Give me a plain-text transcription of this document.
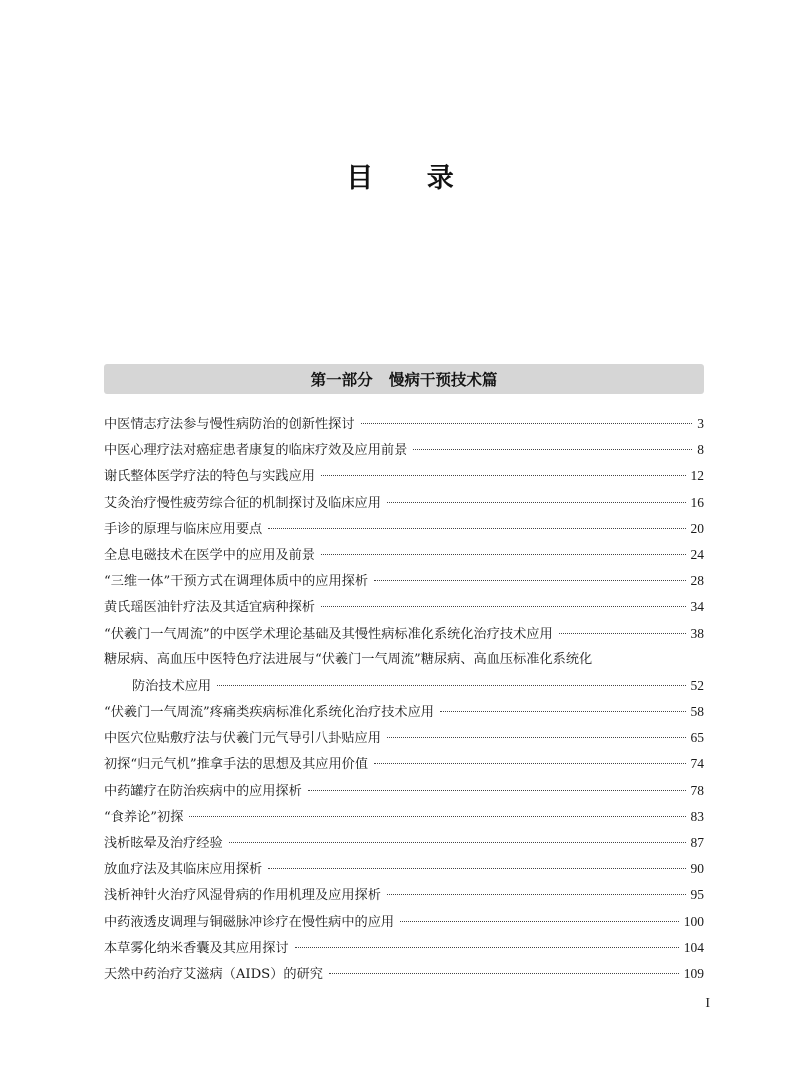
目 录
第一部分   慢病干预技术篇
中医情志疗法参与慢性病防治的创新性探讨	3
中医心理疗法对癌症患者康复的临床疗效及应用前景	8
谢氏整体医学疗法的特色与实践应用	12
艾灸治疗慢性疲劳综合征的机制探讨及临床应用	16
手诊的原理与临床应用要点	20
全息电磁技术在医学中的应用及前景	24
“三维一体”干预方式在调理体质中的应用探析	28
黄氏瑶医油针疗法及其适宜病种探析	34
“伏羲门一气周流”的中医学术理论基础及其慢性病标准化系统化治疗技术应用	38
糖尿病、高血压中医特色疗法进展与“伏羲门一气周流”糖尿病、高血压标准化系统化
防治技术应用	52
“伏羲门一气周流”疼痛类疾病标准化系统化治疗技术应用	58
中医穴位贴敷疗法与伏羲门元气导引八卦贴应用	65
初探“归元气机”推拿手法的思想及其应用价值	74
中药罐疗在防治疾病中的应用探析	78
“食养论”初探	83
浅析眩晕及治疗经验	87
放血疗法及其临床应用探析	90
浅析神针火治疗风湿骨病的作用机理及应用探析	95
中药液透皮调理与铜磁脉冲诊疗在慢性病中的应用	100
本草雾化纳米香囊及其应用探讨	104
天然中药治疗艾滋病（AIDS）的研究	109
I
